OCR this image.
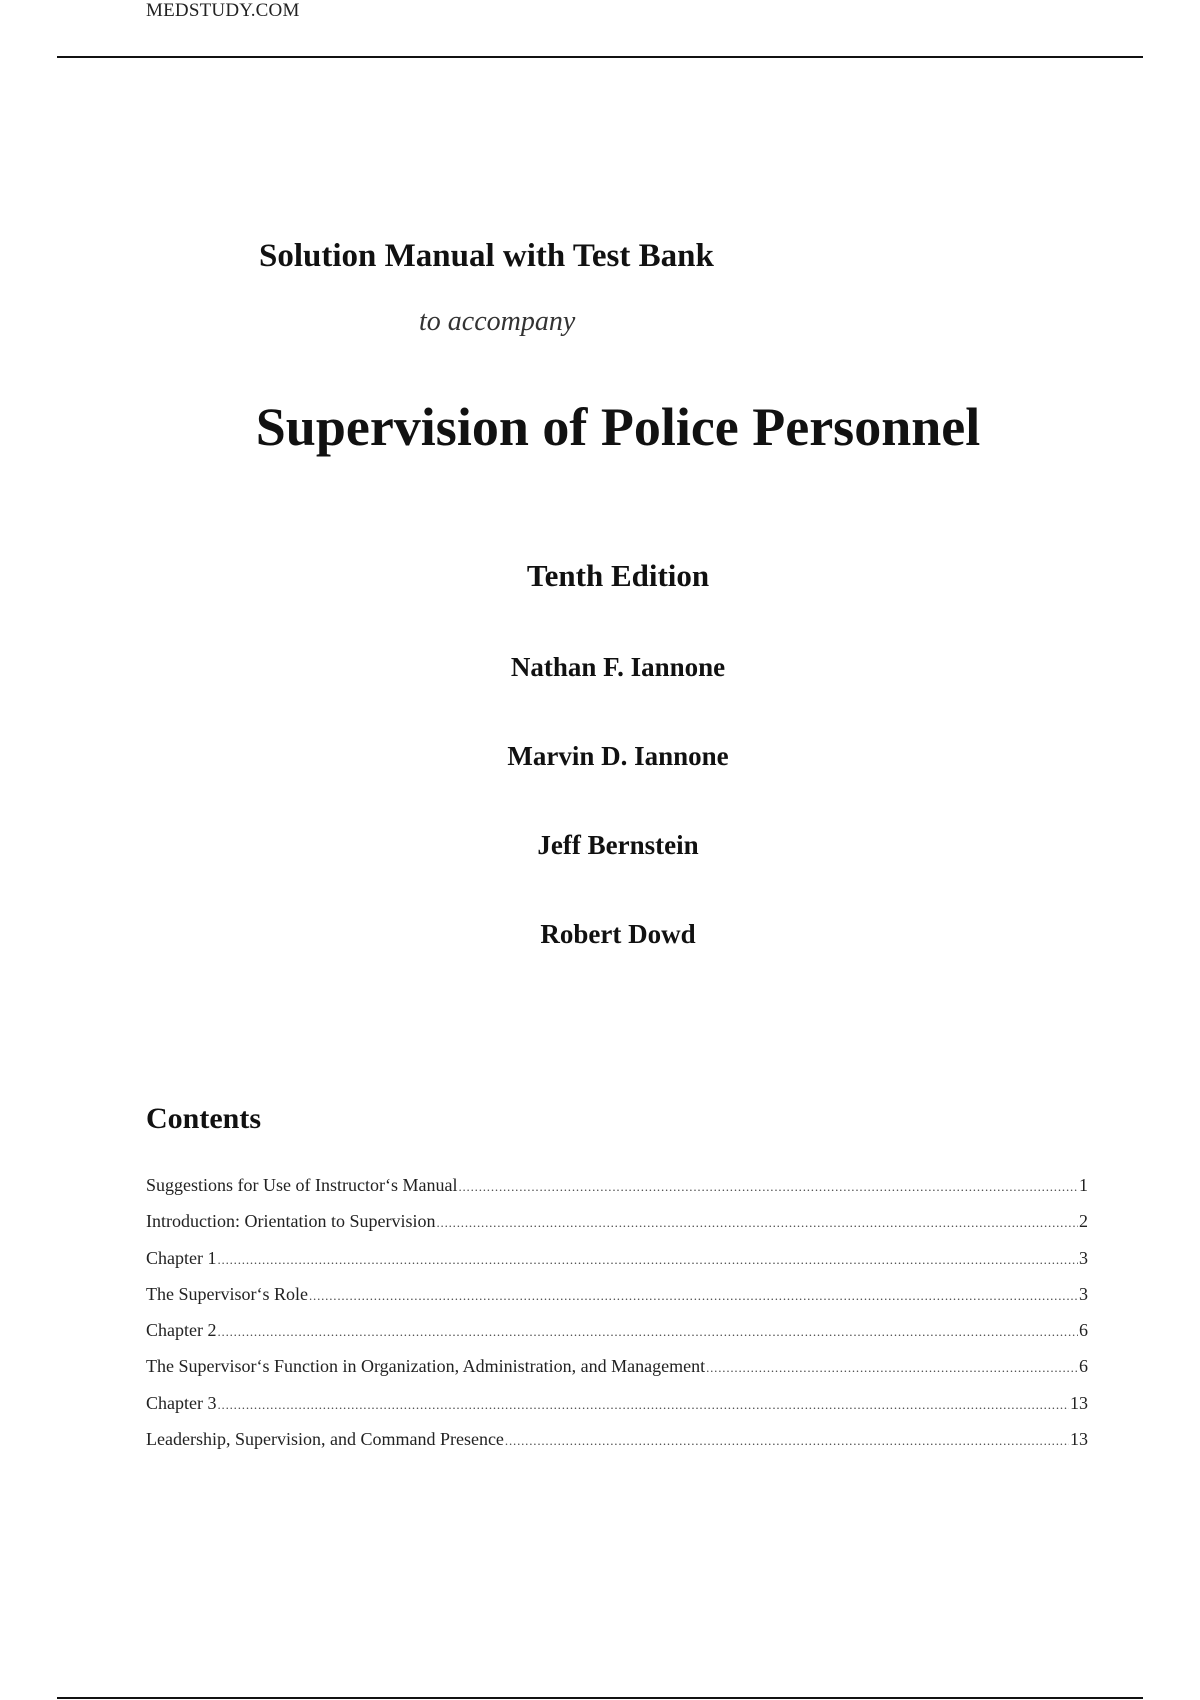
MEDSTUDY.COM
Solution Manual with Test Bank
to accompany
Supervision of Police Personnel
Tenth Edition
Nathan F. Iannone
Marvin D. Iannone
Jeff Bernstein
Robert Dowd
Contents
Suggestions for Use of Instructor‘s Manual .....	1
Introduction: Orientation to Supervision .....	2
Chapter 1 .....	3
The Supervisor‘s Role .....	3
Chapter 2 .....	6
The Supervisor‘s Function in Organization, Administration, and Management .....	6
Chapter 3 .....	13
Leadership, Supervision, and Command Presence .....	13
